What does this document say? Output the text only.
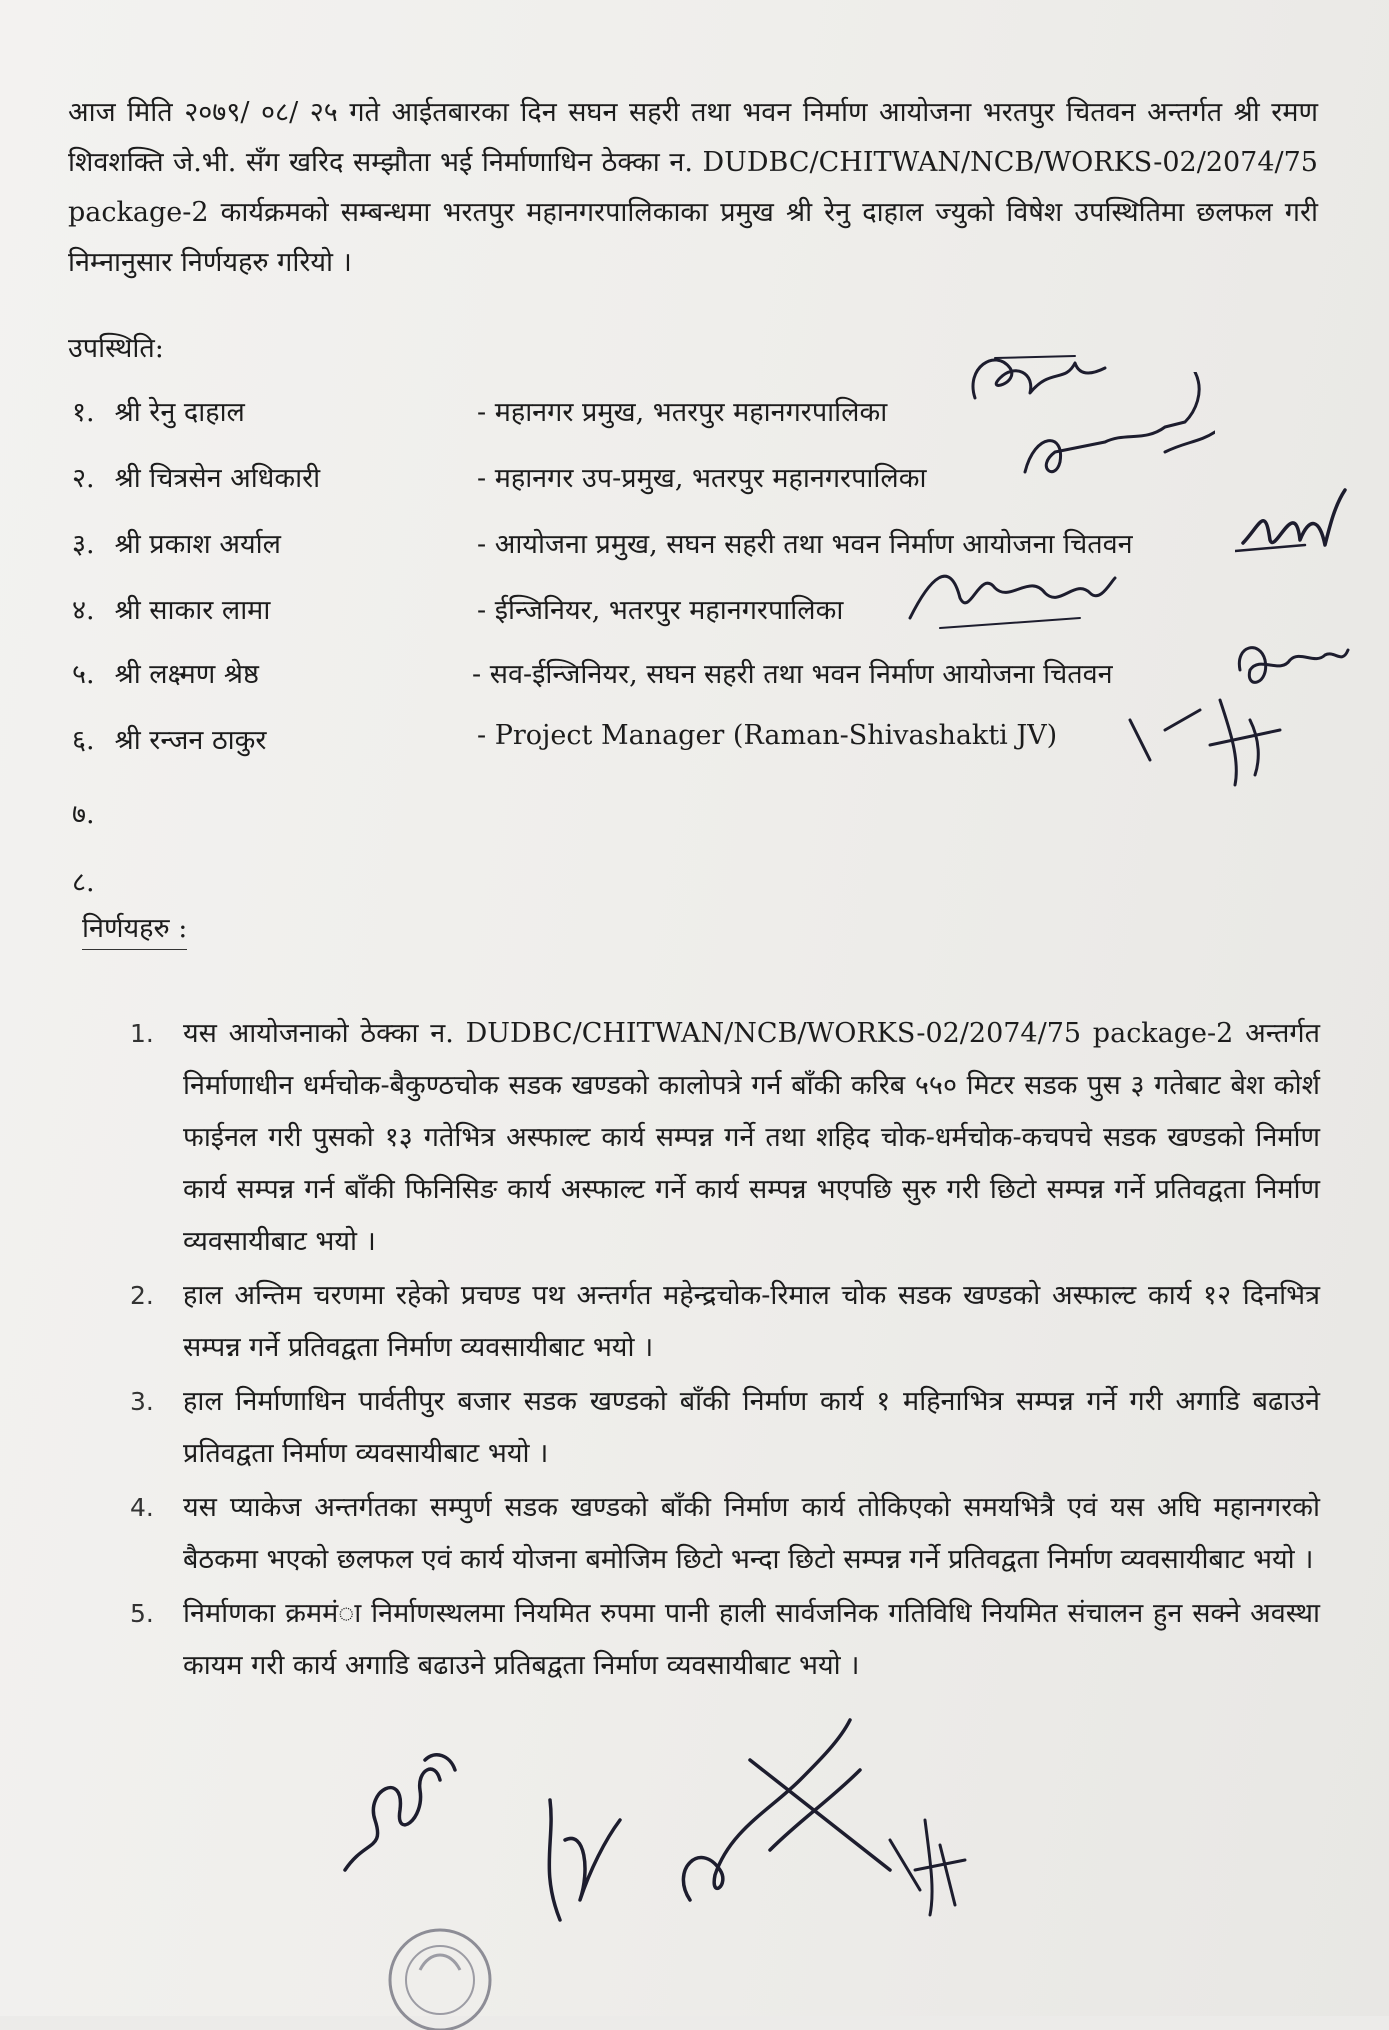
आज मिति २०७९/ ०८/ २५ गते आईतबारका दिन सघन सहरी तथा भवन निर्माण आयोजना भरतपुर चितवन अन्तर्गत श्री रमण शिवशक्ति जे.भी. सँग खरिद सम्झौता भई निर्माणाधिन ठेक्का न. DUDBC/CHITWAN/NCB/WORKS-02/2074/75 package-2 कार्यक्रमको सम्बन्धमा भरतपुर महानगरपालिकाका प्रमुख श्री रेनु दाहाल ज्युको विषेश उपस्थितिमा छलफल गरी निम्नानुसार निर्णयहरु गरियो ।
उपस्थिति:
१. श्री रेनु दाहाल	- महानगर प्रमुख, भतरपुर महानगरपालिका
२. श्री चित्रसेन अधिकारी	- महानगर उप-प्रमुख, भतरपुर महानगरपालिका
३. श्री प्रकाश अर्याल	- आयोजना प्रमुख, सघन सहरी तथा भवन निर्माण आयोजना चितवन
४. श्री साकार लामा	- ईन्जिनियर, भतरपुर महानगरपालिका
५. श्री लक्ष्मण श्रेष्ठ	- सव-ईन्जिनियर, सघन सहरी तथा भवन निर्माण आयोजना चितवन
६. श्री रन्जन ठाकुर	- Project Manager (Raman-Shivashakti JV)
७.
८.
निर्णयहरु :
1. यस आयोजनाको ठेक्का न. DUDBC/CHITWAN/NCB/WORKS-02/2074/75 package-2 अन्तर्गत निर्माणाधीन धर्मचोक-बैकुण्ठचोक सडक खण्डको कालोपत्रे गर्न बाँकी करिब ५५० मिटर सडक पुस ३ गतेबाट बेश कोर्श फाईनल गरी पुसको १३ गतेभित्र अस्फाल्ट कार्य सम्पन्न गर्ने तथा शहिद चोक-धर्मचोक-कचपचे सडक खण्डको निर्माण कार्य सम्पन्न गर्न बाँकी फिनिसिङ कार्य अस्फाल्ट गर्ने कार्य सम्पन्न भएपछि सुरु गरी छिटो सम्पन्न गर्ने प्रतिवद्वता निर्माण व्यवसायीबाट भयो ।
2. हाल अन्तिम चरणमा रहेको प्रचण्ड पथ अन्तर्गत महेन्द्रचोक-रिमाल चोक सडक खण्डको अस्फाल्ट कार्य १२ दिनभित्र सम्पन्न गर्ने प्रतिवद्वता निर्माण व्यवसायीबाट भयो ।
3. हाल निर्माणाधिन पार्वतीपुर बजार सडक खण्डको बाँकी निर्माण कार्य १ महिनाभित्र सम्पन्न गर्ने गरी अगाडि बढाउने प्रतिवद्वता निर्माण व्यवसायीबाट भयो ।
4. यस प्याकेज अन्तर्गतका सम्पुर्ण सडक खण्डको बाँकी निर्माण कार्य तोकिएको समयभित्रै एवं यस अघि महानगरको बैठकमा भएको छलफल एवं कार्य योजना बमोजिम छिटो भन्दा छिटो सम्पन्न गर्ने प्रतिवद्वता निर्माण व्यवसायीबाट भयो ।
5. निर्माणका क्रममंा निर्माणस्थलमा नियमित रुपमा पानी हाली सार्वजनिक गतिविधि नियमित संचालन हुन सक्ने अवस्था कायम गरी कार्य अगाडि बढाउने प्रतिबद्वता निर्माण व्यवसायीबाट भयो ।
